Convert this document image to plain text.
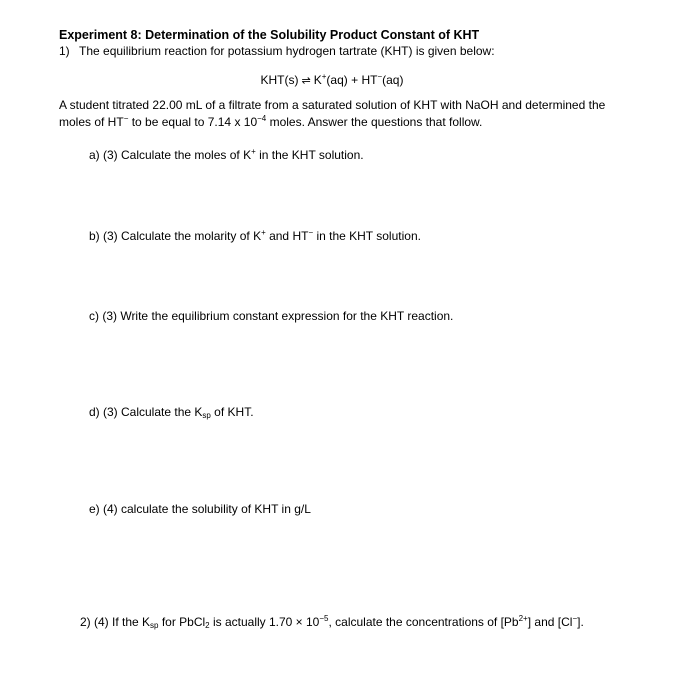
Experiment 8: Determination of the Solubility Product Constant of KHT
1) The equilibrium reaction for potassium hydrogen tartrate (KHT) is given below:
KHT(s) ⇌ K+(aq) + HT−(aq)
A student titrated 22.00 mL of a filtrate from a saturated solution of KHT with NaOH and determined the
moles of HT− to be equal to 7.14 x $10^{-4}$ moles. Answer the questions that follow.
a) (3) Calculate the moles of K+ in the KHT solution.
b) (3) Calculate the molarity of K+ and HT− in the KHT solution.
c) (3) Write the equilibrium constant expression for the KHT reaction.
d) (3) Calculate the $K_{sp}$ of KHT.
e) (4) calculate the solubility of KHT in g/L
2) (4) If the $K_{sp}$ for PbCl$_2$ is actually $1.70 \times 10^{-5}$, calculate the concentrations of $[Pb^{2+}]$ and [Cl−].
